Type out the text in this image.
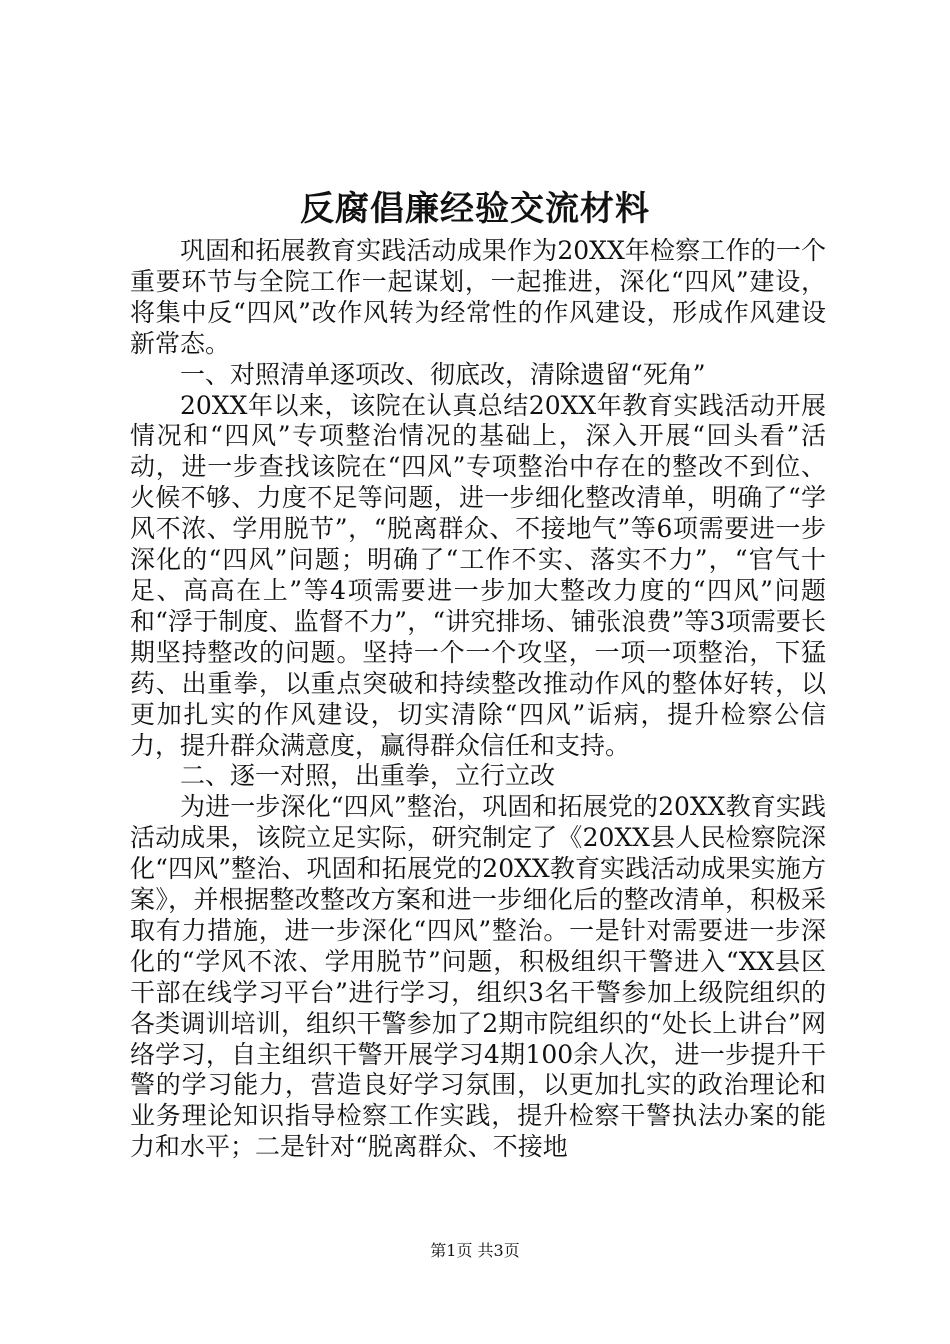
反腐倡廉经验交流材料

巩固和拓展教育实践活动成果作为20XX年检察工作的一个重要环节与全院工作一起谋划，一起推进，深化“四风”建设，将集中反“四风”改作风转为经常性的作风建设，形成作风建设新常态。

一、对照清单逐项改、彻底改，清除遗留“死角”

20XX年以来，该院在认真总结20XX年教育实践活动开展情况和“四风”专项整治情况的基础上，深入开展“回头看”活动，进一步查找该院在“四风”专项整治中存在的整改不到位、火候不够、力度不足等问题，进一步细化整改清单，明确了“学风不浓、学用脱节”，“脱离群众、不接地气”等6项需要进一步深化的“四风”问题；明确了“工作不实、落实不力”，“官气十足、高高在上”等4项需要进一步加大整改力度的“四风”问题和“浮于制度、监督不力”，“讲究排场、铺张浪费”等3项需要长期坚持整改的问题。坚持一个一个攻坚，一项一项整治，下猛药、出重拳，以重点突破和持续整改推动作风的整体好转，以更加扎实的作风建设，切实清除“四风”诟病，提升检察公信力，提升群众满意度，赢得群众信任和支持。

二、逐一对照，出重拳，立行立改

为进一步深化“四风”整治，巩固和拓展党的20XX教育实践活动成果，该院立足实际，研究制定了《20XX县人民检察院深化“四风”整治、巩固和拓展党的20XX教育实践活动成果实施方案》，并根据整改整改方案和进一步细化后的整改清单，积极采取有力措施，进一步深化“四风”整治。一是针对需要进一步深化的“学风不浓、学用脱节”问题，积极组织干警进入“XX县区干部在线学习平台”进行学习，组织3名干警参加上级院组织的各类调训培训，组织干警参加了2期市院组织的“处长上讲台”网络学习，自主组织干警开展学习4期100余人次，进一步提升干警的学习能力，营造良好学习氛围，以更加扎实的政治理论和业务理论知识指导检察工作实践，提升检察干警执法办案的能力和水平；二是针对“脱离群众、不接地

第1页 共3页
